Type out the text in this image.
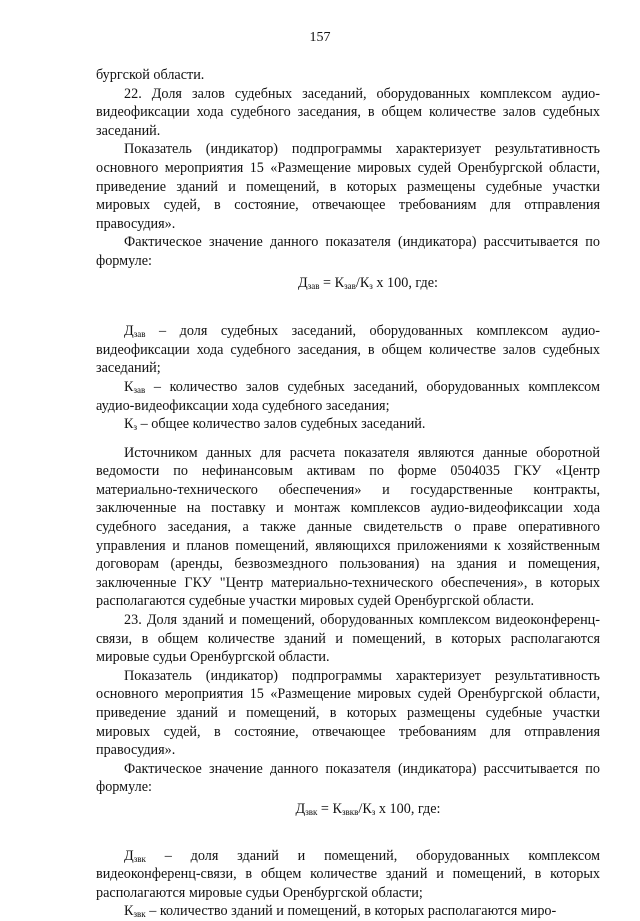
157

бургской области.

22. Доля залов судебных заседаний, оборудованных комплексом аудио-видеофиксации хода судебного заседания, в общем количестве залов судебных заседаний.

Показатель (индикатор) подпрограммы характеризует результативность основного мероприятия 15 «Размещение мировых судей Оренбургской области, приведение зданий и помещений, в которых размещены судебные участки мировых судей, в состояние, отвечающее требованиям для отправления правосудия».

Фактическое значение данного показателя (индикатора) рассчитывается по формуле:

$Д_{зав} = К_{зав}/К_з$ х 100, где:

$Д_{зав}$ – доля судебных заседаний, оборудованных комплексом аудио-видеофиксации хода судебного заседания, в общем количестве залов судебных заседаний;

$К_{зав}$ – количество залов судебных заседаний, оборудованных комплексом аудио-видеофиксации хода судебного заседания;

$К_з$ – общее количество залов судебных заседаний.

Источником данных для расчета показателя являются данные оборотной ведомости по нефинансовым активам по форме 0504035 ГКУ «Центр материально-технического обеспечения» и государственные контракты, заключенные на поставку и монтаж комплексов аудио-видеофиксации хода судебного заседания, а также данные свидетельств о праве оперативного управления и планов помещений, являющихся приложениями к хозяйственным договорам (аренды, безвозмездного пользования) на здания и помещения, заключенные ГКУ "Центр материально-технического обеспечения», в которых располагаются судебные участки мировых судей Оренбургской области.

23. Доля зданий и помещений, оборудованных комплексом видеоконференц-связи, в общем количестве зданий и помещений, в которых располагаются мировые судьи Оренбургской области.

Показатель (индикатор) подпрограммы характеризует результативность основного мероприятия 15 «Размещение мировых судей Оренбургской области, приведение зданий и помещений, в которых размещены судебные участки мировых судей, в состояние, отвечающее требованиям для отправления правосудия».

Фактическое значение данного показателя (индикатора) рассчитывается по формуле:

$Д_{звк} = К_{звкв}/К_з$ х 100, где:

$Д_{звк}$ – доля зданий и помещений, оборудованных комплексом видеоконференц-связи, в общем количестве зданий и помещений, в которых располагаются мировые судьи Оренбургской области;

$К_{звк}$ – количество зданий и помещений, в которых располагаются миро-
